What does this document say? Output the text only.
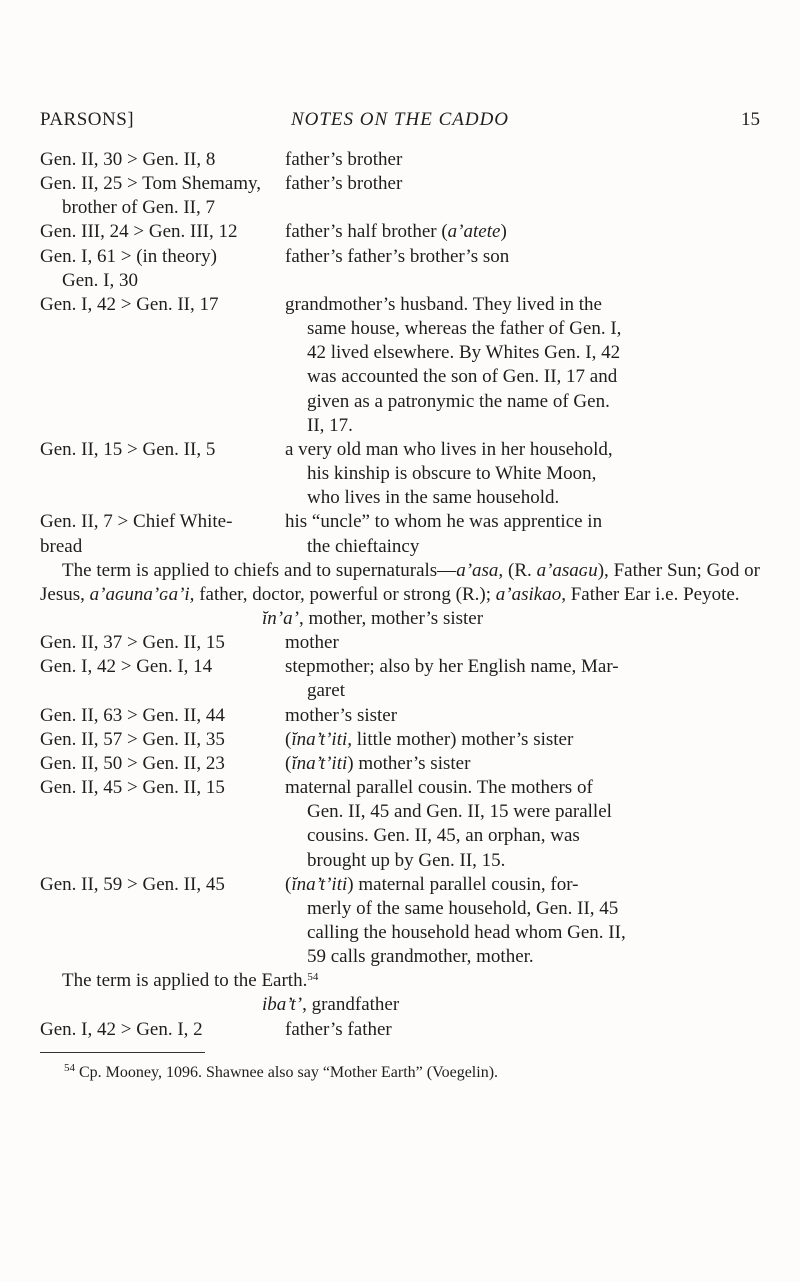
PARSONS]	NOTES ON THE CADDO	15
Gen. II, 30 > Gen. II, 8	father’s brother
Gen. II, 25 > Tom Shemamy,	father’s brother
brother of Gen. II, 7
Gen. III, 24 > Gen. III, 12	father’s half brother (a’atete)
Gen. I, 61 > (in theory)	father’s father’s brother’s son
Gen. I, 30
Gen. I, 42 > Gen. II, 17	grandmother’s husband. They lived in the
same house, whereas the father of Gen. I,
42 lived elsewhere. By Whites Gen. I, 42
was accounted the son of Gen. II, 17 and
given as a patronymic the name of Gen.
II, 17.
Gen. II, 15 > Gen. II, 5	a very old man who lives in her household,
his kinship is obscure to White Moon,
who lives in the same household.
Gen. II, 7 > Chief White-	his “uncle” to whom he was apprentice in
bread	the chieftaincy
The term is applied to chiefs and to supernaturals—a’asa, (R. a’asaɢu), Father Sun; God or Jesus, a’aɢuna’ɢa’i, father, doctor, powerful or strong (R.); a’asikao, Father Ear i.e. Peyote.
ĭn’a’, mother, mother’s sister
Gen. II, 37 > Gen. II, 15	mother
Gen. I, 42 > Gen. I, 14	stepmother; also by her English name, Mar-
garet
Gen. II, 63 > Gen. II, 44	mother’s sister
Gen. II, 57 > Gen. II, 35	(ĭna’t’iti, little mother) mother’s sister
Gen. II, 50 > Gen. II, 23	(ĭna’t’iti) mother’s sister
Gen. II, 45 > Gen. II, 15	maternal parallel cousin. The mothers of
Gen. II, 45 and Gen. II, 15 were parallel
cousins. Gen. II, 45, an orphan, was
brought up by Gen. II, 15.
Gen. II, 59 > Gen. II, 45	(ĭna’t’iti) maternal parallel cousin, for-
merly of the same household, Gen. II, 45
calling the household head whom Gen. II,
59 calls grandmother, mother.
The term is applied to the Earth.$^{54}$
iba’t’, grandfather
Gen. I, 42 > Gen. I, 2	father’s father
$^{54}$ Cp. Mooney, 1096. Shawnee also say “Mother Earth” (Voegelin).
